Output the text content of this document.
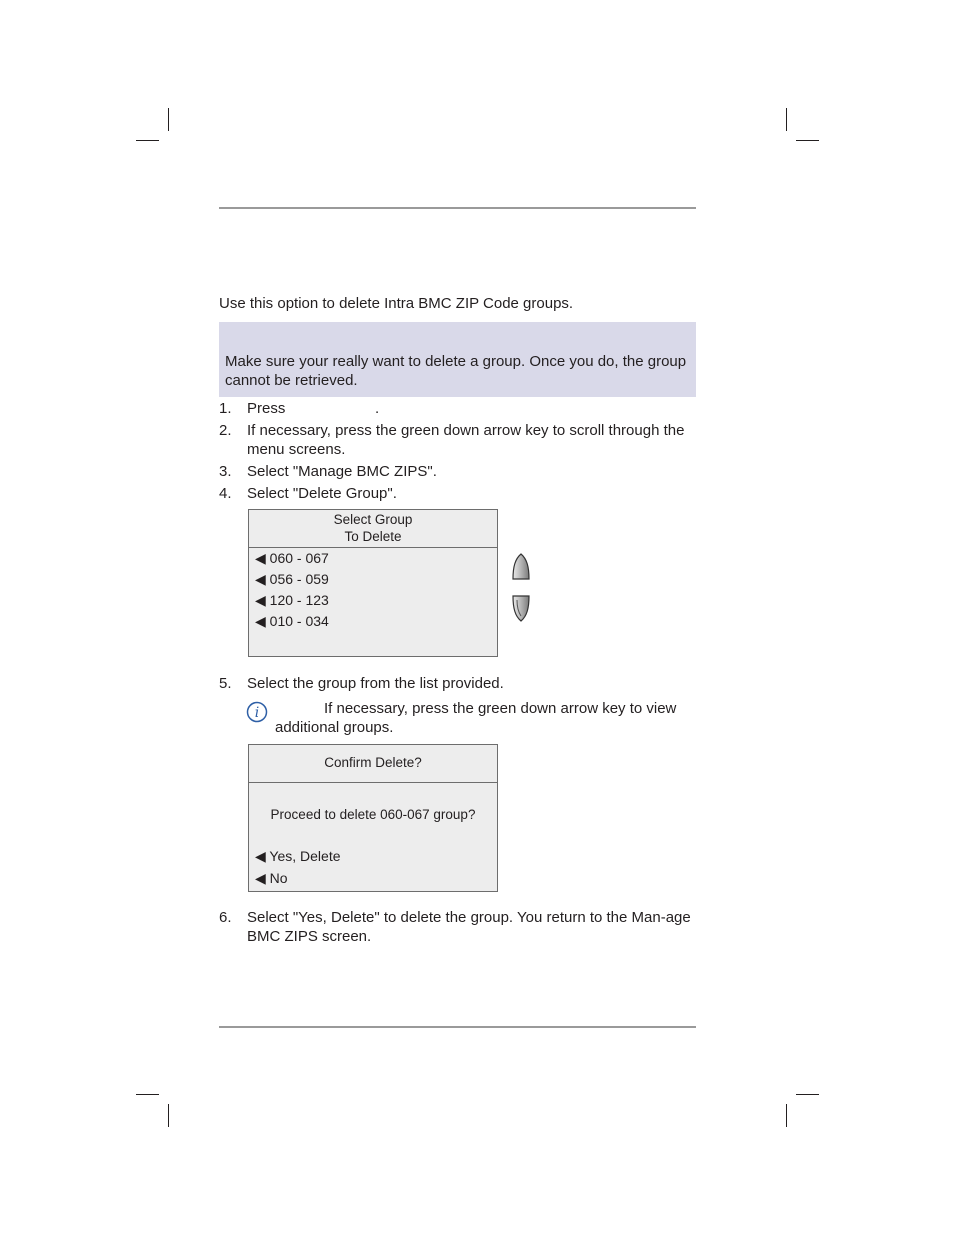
Use this option to delete Intra BMC ZIP Code groups.
Make sure your really want to delete a group. Once you do, the group cannot be retrieved.
1. Press	.
2. If necessary, press the green down arrow key to scroll through the menu screens.
3. Select "Manage BMC ZIPS".
4. Select "Delete Group".
Select Group
To Delete
◀ 060 - 067
◀ 056 - 059
◀ 120 - 123
◀ 010 - 034
5. Select the group from the list provided.
i	If necessary, press the green down arrow key to view
additional groups.
Confirm Delete?
Proceed to delete 060-067 group?
◀ Yes, Delete
◀ No
6. Select "Yes, Delete" to delete the group. You return to the Man-age BMC ZIPS screen.
